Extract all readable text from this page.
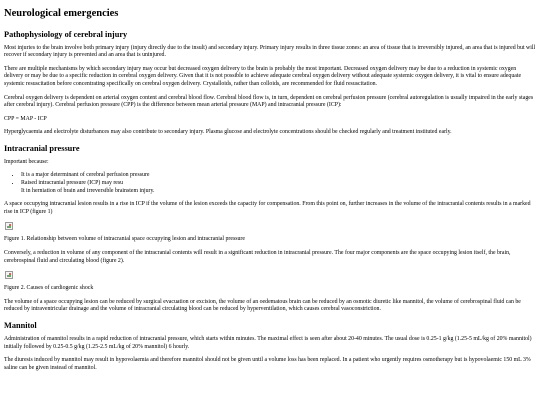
Neurological emergencies
Pathophysiology of cerebral injury

Most injuries to the brain involve both primary injury (injury directly due to the insult) and secondary injury. Primary injury results in three tissue zones: an area of tissue that is irreversibly injured, an area that is injured but will recover if secondary injury is prevented and an area that is uninjured.

There are multiple mechanisms by which secondary injury may occur but decreased oxygen delivery to the brain is probably the most important. Decreased oxygen delivery may be due to a reduction in systemic oxygen delivery or may be due to a specific reduction in cerebral oxygen delivery. Given that it is not possible to achieve adequate cerebral oxygen delivery without adequate systemic oxygen delivery, it is vital to ensure adequate systemic resuscitation before concentrating specifically on cerebral oxygen delivery. Crystalloids, rather than colloids, are recommended for fluid resuscitation.

Cerebral oxygen delivery is dependent on arterial oxygen content and cerebral blood flow. Cerebral blood flow is, in turn, dependent on cerebral perfusion pressure (cerebral autoregulation is usually impaired in the early stages after cerebral injury). Cerebral perfusion pressure (CPP) is the difference between mean arterial pressure (MAP) and intracranial pressure (ICP):

CPP = MAP - ICP

Hyperglycaemia and electrolyte disturbances may also contribute to secondary injury. Plasma glucose and electrolyte concentrations should be checked regularly and treatment instituted early.

Intracranial pressure

Important because:

• It is a major determinant of cerebral perfusion pressure
• Raised intracranial pressure (ICP) may resu
It in herniation of brain and irreversible brainstem injury.

A space occupying intracranial lesion results in a rise in ICP if the volume of the lesion exceeds the capacity for compensation. From this point on, further increases in the volume of the intracranial contents results in a marked rise in ICP (figure 1)

Figure 1. Relationship between volume of intracranial space occupying lesion and intracranial pressure

Conversely, a reduction in volume of any component of the intracranial contents will result in a significant reduction in intracranial pressure. The four major components are the space occupying lesion itself, the brain, cerebrospinal fluid and circulating blood (figure 2).

Figure 2. Causes of cardiogenic shock

The volume of a space occupying lesion can be reduced by surgical evacuation or excision, the volume of an oedematous brain can be reduced by an osmotic diuretic like mannitol, the volume of cerebrospinal fluid can be reduced by intraventricular drainage and the volume of intracranial circulating blood can be reduced by hyperventilation, which causes cerebral vasoconstriction.

Mannitol

Administration of mannitol results in a rapid reduction of intracranial pressure, which starts within minutes. The maximal effect is seen after about 20-40 minutes. The usual dose is 0.25-1 g/kg (1.25-5 mL/kg of 20% mannitol) initially followed by 0.25-0.5 g/kg (1.25-2.5 mL/kg of 20% mannitol) 6 hourly.

The diuresis induced by mannitol may result in hypovolaemia and therefore mannitol should not be given until a volume loss has been replaced. In a patient who urgently requires osmotherapy but is hypovolaemic 150 mL 3% saline can be given instead of mannitol.
